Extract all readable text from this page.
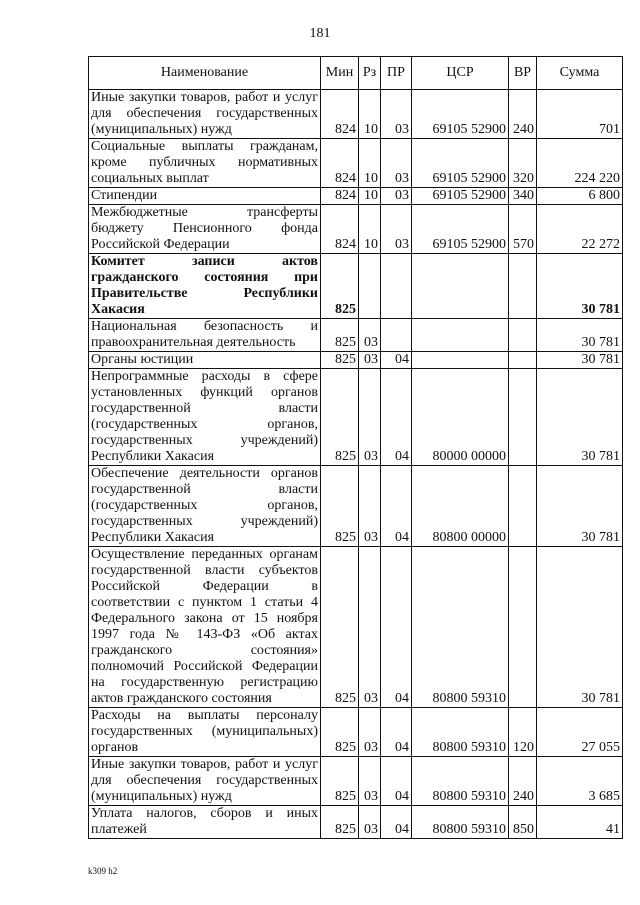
181
Наименование	Мин	Рз	ПР	ЦСР	ВР	Сумма
Иные закупки товаров, работ и услуг для обеспечения государственных (муниципальных) нужд	824	10	03	69105 52900	240	701
Социальные выплаты гражданам, кроме публичных нормативных социальных выплат	824	10	03	69105 52900	320	224 220
Стипендии	824	10	03	69105 52900	340	6 800
Межбюджетные трансферты бюджету Пенсионного фонда Российской Федерации	824	10	03	69105 52900	570	22 272
Комитет записи актов гражданского состояния при Правительстве Республики Хакасия	825					30 781
Национальная безопасность и правоохранительная деятельность	825	03				30 781
Органы юстиции	825	03	04			30 781
Непрограммные расходы в сфере установленных функций органов государственной власти (государственных органов, государственных учреждений) Республики Хакасия	825	03	04	80000 00000		30 781
Обеспечение деятельности органов государственной власти (государственных органов, государственных учреждений) Республики Хакасия	825	03	04	80800 00000		30 781
Осуществление переданных органам государственной власти субъектов Российской Федерации в соответствии с пунктом 1 статьи 4 Федерального закона от 15 ноября 1997 года № 143-ФЗ «Об актах гражданского состояния» полномочий Российской Федерации на государственную регистрацию актов гражданского состояния	825	03	04	80800 59310		30 781
Расходы на выплаты персоналу государственных (муниципальных) органов	825	03	04	80800 59310	120	27 055
Иные закупки товаров, работ и услуг для обеспечения государственных (муниципальных) нужд	825	03	04	80800 59310	240	3 685
Уплата налогов, сборов и иных платежей	825	03	04	80800 59310	850	41
k309 h2
